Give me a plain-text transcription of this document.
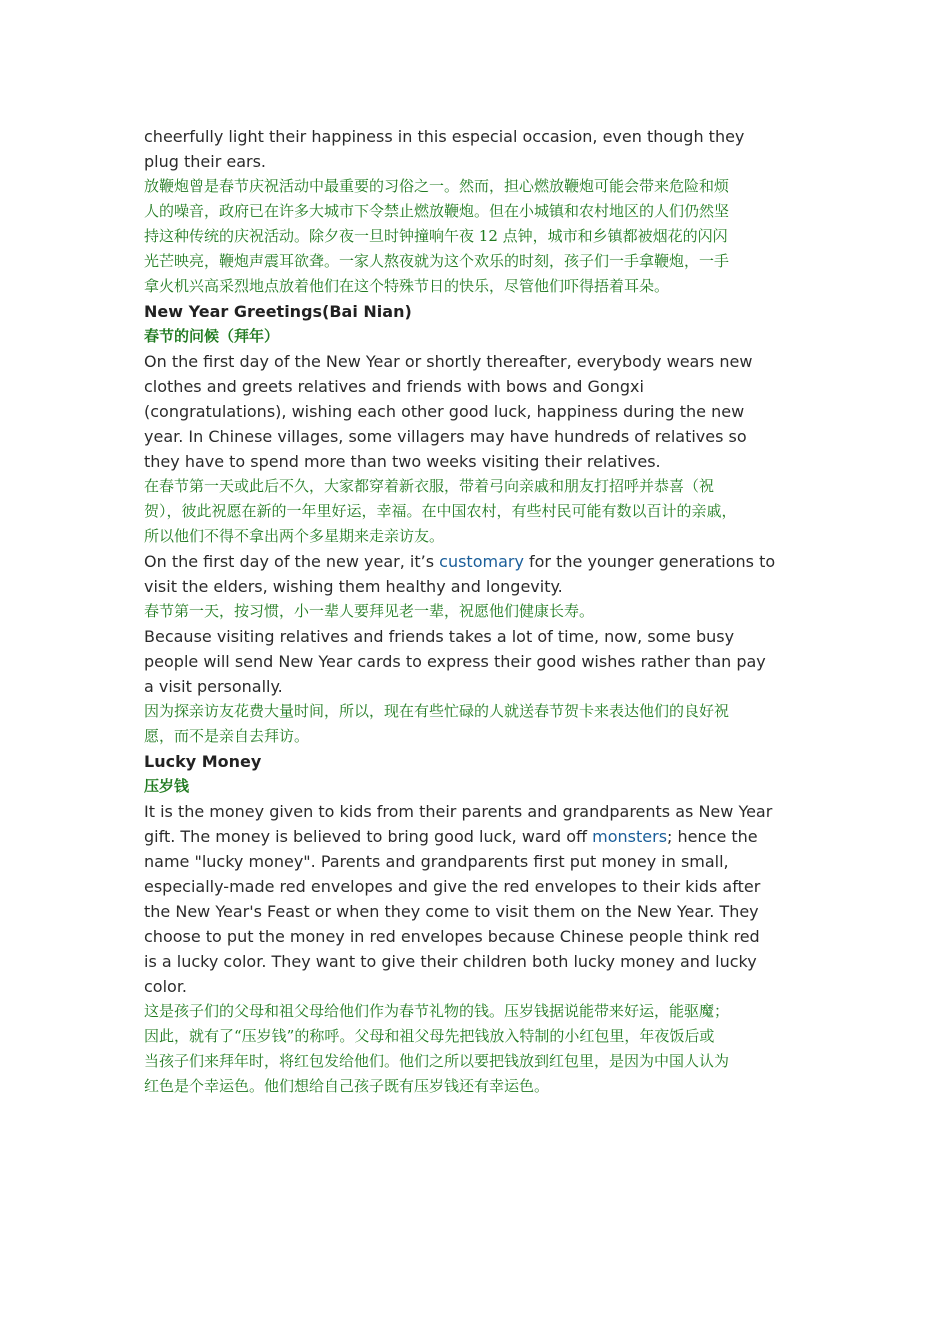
cheerfully light their happiness in this especial occasion, even though they
plug their ears.

放鞭炮曾是春节庆祝活动中最重要的习俗之一。然而，担心燃放鞭炮可能会带来危险和烦
人的噪音，政府已在许多大城市下令禁止燃放鞭炮。但在小城镇和农村地区的人们仍然坚
持这种传统的庆祝活动。除夕夜一旦时钟撞响午夜 12 点钟，城市和乡镇都被烟花的闪闪
光芒映亮，鞭炮声震耳欲聋。一家人熬夜就为这个欢乐的时刻，孩子们一手拿鞭炮，一手
拿火机兴高采烈地点放着他们在这个特殊节日的快乐，尽管他们吓得捂着耳朵。

New Year Greetings(Bai Nian)

春节的问候（拜年）

On the first day of the New Year or shortly thereafter, everybody wears new
clothes and greets relatives and friends with bows and Gongxi
(congratulations), wishing each other good luck, happiness during the new
year. In Chinese villages, some villagers may have hundreds of relatives so
they have to spend more than two weeks visiting their relatives.

在春节第一天或此后不久，大家都穿着新衣服，带着弓向亲戚和朋友打招呼并恭喜（祝
贺），彼此祝愿在新的一年里好运，幸福。在中国农村，有些村民可能有数以百计的亲戚，
所以他们不得不拿出两个多星期来走亲访友。

On the first day of the new year, it’s customary for the younger generations to
visit the elders, wishing them healthy and longevity.

春节第一天，按习惯，小一辈人要拜见老一辈，祝愿他们健康长寿。

Because visiting relatives and friends takes a lot of time, now, some busy
people will send New Year cards to express their good wishes rather than pay
a visit personally.

因为探亲访友花费大量时间，所以，现在有些忙碌的人就送春节贺卡来表达他们的良好祝
愿，而不是亲自去拜访。

Lucky Money

压岁钱

It is the money given to kids from their parents and grandparents as New Year
gift. The money is believed to bring good luck, ward off monsters; hence the
name "lucky money". Parents and grandparents first put money in small,
especially-made red envelopes and give the red envelopes to their kids after
the New Year's Feast or when they come to visit them on the New Year. They
choose to put the money in red envelopes because Chinese people think red
is a lucky color. They want to give their children both lucky money and lucky
color.

这是孩子们的父母和祖父母给他们作为春节礼物的钱。压岁钱据说能带来好运，能驱魔；
因此，就有了“压岁钱”的称呼。父母和祖父母先把钱放入特制的小红包里，年夜饭后或
当孩子们来拜年时，将红包发给他们。他们之所以要把钱放到红包里，是因为中国人认为
红色是个幸运色。他们想给自己孩子既有压岁钱还有幸运色。
